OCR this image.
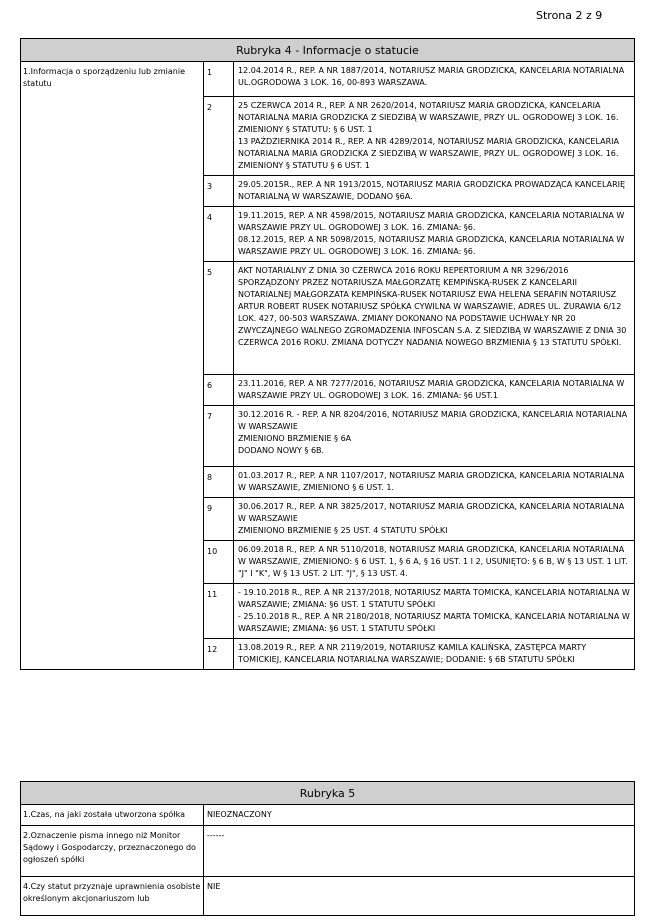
Strona 2 z 9
Rubryka 4 - Informacje o statucie		
1.Informacja o sporządzeniu lub zmianie statutu	1	12.04.2014 R., REP. A NR 1887/2014, NOTARIUSZ MARIA GRODZICKA, KANCELARIA NOTARIALNA UL.OGRODOWA 3 LOK. 16, 00-893 WARSZAWA.

	2	25 CZERWCA 2014 R., REP. A NR 2620/2014, NOTARIUSZ MARIA GRODZICKA, KANCELARIA NOTARIALNA MARIA GRODZICKA Z SIEDZIBĄ W WARSZAWIE, PRZY UL. OGRODOWEJ 3 LOK. 16.
ZMIENIONY § STATUTU: § 6 UST. 1
13 PAŹDZIERNIKA 2014 R., REP. A NR 4289/2014, NOTARIUSZ MARIA GRODZICKA, KANCELARIA NOTARIALNA MARIA GRODZICKA Z SIEDZIBĄ W WARSZAWIE, PRZY UL. OGRODOWEJ 3 LOK. 16.
ZMIENIONY § STATUTU § 6 UST. 1

	3	29.05.2015R., REP. A NR 1913/2015, NOTARIUSZ MARIA GRODZICKA PROWADZĄCA KANCELARIĘ NOTARIALNĄ W WARSZAWIE, DODANO §6A.

	4	19.11.2015, REP. A NR 4598/2015, NOTARIUSZ MARIA GRODZICKA, KANCELARIA NOTARIALNA W WARSZAWIE PRZY UL. OGRODOWEJ 3 LOK. 16. ZMIANA: §6.
08.12.2015, REP. A NR 5098/2015, NOTARIUSZ MARIA GRODZICKA, KANCELARIA NOTARIALNA W WARSZAWIE PRZY UL. OGRODOWEJ 3 LOK. 16. ZMIANA: §6.

	5	AKT NOTARIALNY Z DNIA 30 CZERWCA 2016 ROKU REPERTORIUM A NR 3296/2016 SPORZĄDZONY PRZEZ NOTARIUSZA MAŁGORZATĘ KEMPIŃSKĄ-RUSEK Z KANCELARII NOTARIALNEJ MAŁGORZATA KEMPIŃSKA-RUSEK NOTARIUSZ EWA HELENA SERAFIN NOTARIUSZ ARTUR ROBERT RUSEK NOTARIUSZ SPÓŁKA CYWILNA W WARSZAWIE, ADRES UL. ŻURAWIA 6/12 LOK. 427, 00-503 WARSZAWA. ZMIANY DOKONANO NA PODSTAWIE UCHWAŁY NR 20 ZWYCZAJNEGO WALNEGO ZGROMADZENIA INFOSCAN S.A. Z SIEDZIBĄ W WARSZAWIE Z DNIA 30 CZERWCA 2016 ROKU. ZMIANA DOTYCZY NADANIA NOWEGO BRZMIENIA § 13 STATUTU SPÓŁKI.

	6	23.11.2016, REP. A NR 7277/2016, NOTARIUSZ MARIA GRODZICKA, KANCELARIA NOTARIALNA W WARSZAWIE PRZY UL. OGRODOWEJ 3 LOK. 16. ZMIANA: §6 UST.1

	7	30.12.2016 R. - REP. A NR 8204/2016, NOTARIUSZ MARIA GRODZICKA, KANCELARIA NOTARIALNA W WARSZAWIE
ZMIENIONO BRZMIENIE § 6A
DODANO NOWY § 6B.

	8	01.03.2017 R., REP. A NR 1107/2017, NOTARIUSZ MARIA GRODZICKA, KANCELARIA NOTARIALNA W WARSZAWIE, ZMIENIONO § 6 UST. 1.

	9	30.06.2017 R., REP. A NR 3825/2017, NOTARIUSZ MARIA GRODZICKA, KANCELARIA NOTARIALNA W WARSZAWIE
ZMIENIONO BRZMIENIE § 25 UST. 4 STATUTU SPÓŁKI

	10	06.09.2018 R., REP. A NR 5110/2018, NOTARIUSZ MARIA GRODZICKA, KANCELARIA NOTARIALNA W WARSZAWIE, ZMIENIONO: § 6 UST. 1, § 6 A, § 16 UST. 1 I 2, USUNIĘTO: § 6 B, W § 13 UST. 1 LIT. "J" I "K", W § 13 UST. 2 LIT. "J", § 13 UST. 4.

	11	- 19.10.2018 R., REP. A NR 2137/2018, NOTARIUSZ MARTA TOMICKA, KANCELARIA NOTARIALNA W WARSZAWIE; ZMIANA: §6 UST. 1 STATUTU SPÓŁKI
- 25.10.2018 R., REP. A NR 2180/2018, NOTARIUSZ MARTA TOMICKA, KANCELARIA NOTARIALNA W WARSZAWIE; ZMIANA: §6 UST. 1 STATUTU SPÓŁKI

	12	13.08.2019 R., REP. A NR 2119/2019, NOTARIUSZ KAMILA KALIŃSKA, ZASTĘPCA MARTY TOMICKIEJ, KANCELARIA NOTARIALNA WARSZAWIE; DODANIE: § 6B STATUTU SPÓŁKI
Rubryka 5	
1.Czas, na jaki została utworzona spółka	NIEOZNACZONY
2.Oznaczenie pisma innego niż Monitor Sądowy i Gospodarczy, przeznaczonego do ogłoszeń spółki	------
4.Czy statut przyznaje uprawnienia osobiste określonym akcjonariuszom lub	NIE
